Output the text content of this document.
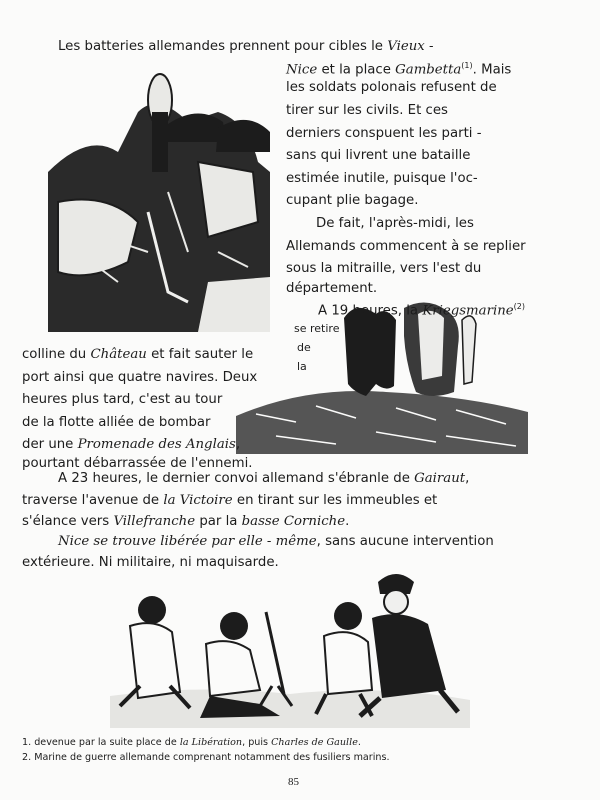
Les batteries allemandes prennent pour cibles le Vieux -
Nice et la place Gambetta$^{(1)}$. Mais
les soldats polonais refusent de
tirer sur les civils. Et ces
derniers conspuent les parti -
sans qui livrent une bataille
estimée inutile, puisque l'oc-
cupant plie bagage.
De fait, l'après-midi, les
Allemands commencent à se replier
sous la mitraille, vers l'est du
département.
A 19 heures, la Kriegsmarine$^{(2)}$
se retire
de
la
colline du Château et fait sauter le
port ainsi que quatre navires. Deux
heures plus tard, c'est au tour
de la flotte alliée de bombar
der une Promenade des Anglais,
pourtant débarrassée de l'ennemi.
A 23 heures, le dernier convoi allemand s'ébranle de Gairaut,
traverse l'avenue de la Victoire en tirant sur les immeubles et
s'élance vers Villefranche par la basse Corniche.
Nice se trouve libérée par elle - même, sans aucune intervention
extérieure. Ni militaire, ni maquisarde.
1. devenue par la suite place de la Libération, puis Charles de Gaulle.
2. Marine de guerre allemande comprenant notamment des fusiliers marins.
85
